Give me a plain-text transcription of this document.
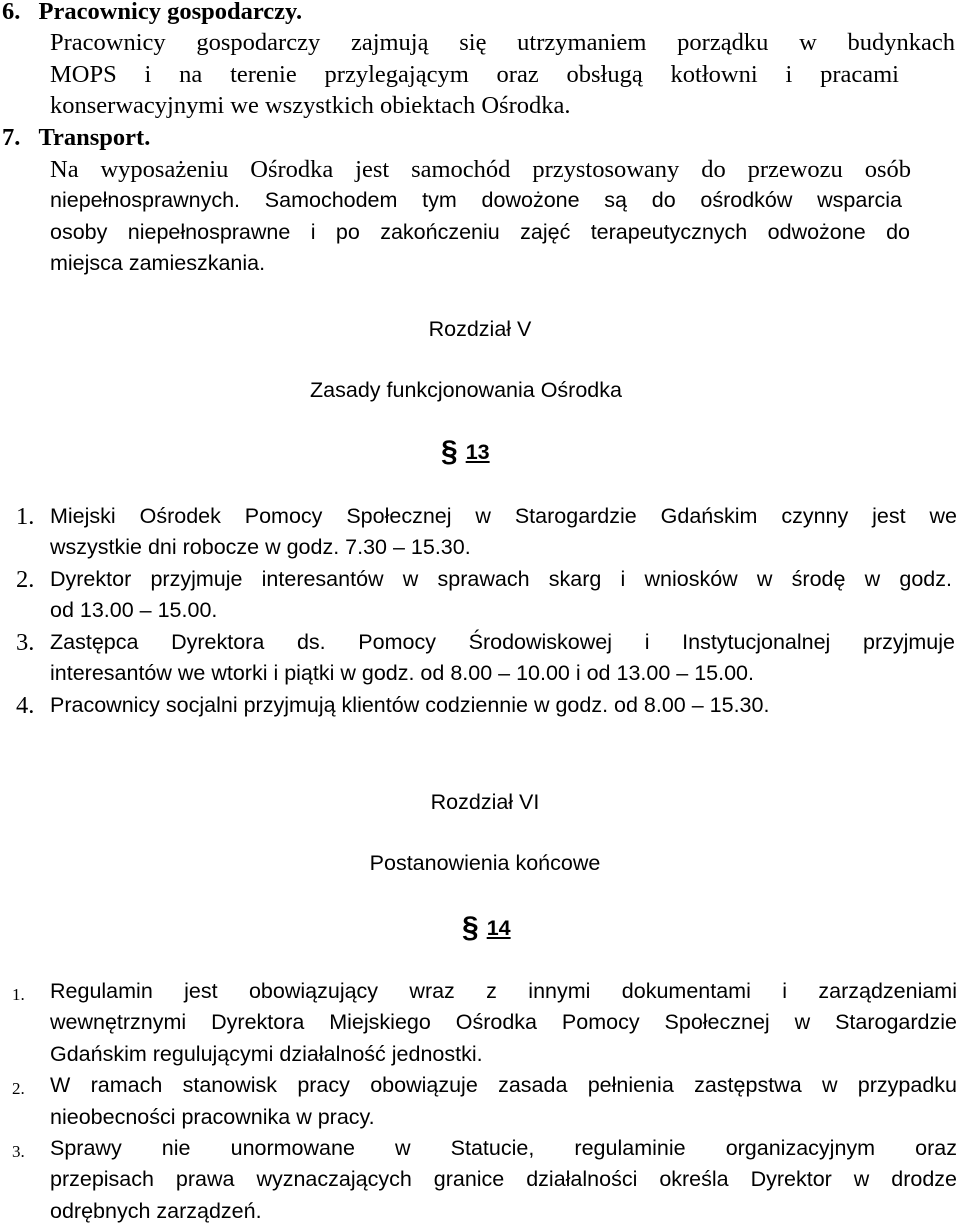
6. Pracownicy gospodarczy.
Pracownicy gospodarczy zajmują się utrzymaniem porządku w budynkach
MOPS i na terenie przylegającym oraz obsługą kotłowni i pracami
konserwacyjnymi we wszystkich obiektach Ośrodka.
7. Transport.
Na wyposażeniu Ośrodka jest samochód przystosowany do przewozu osób
niepełnosprawnych. Samochodem tym dowożone są do ośrodków wsparcia
osoby niepełnosprawne i po zakończeniu zajęć terapeutycznych odwożone do
miejsca zamieszkania.
Rozdział V
Zasady funkcjonowania Ośrodka
§ 13
1. Miejski Ośrodek Pomocy Społecznej w Starogardzie Gdańskim czynny jest we
wszystkie dni robocze w godz. 7.30 – 15.30.
2. Dyrektor przyjmuje interesantów w sprawach skarg i wniosków w środę w godz.
od 13.00 – 15.00.
3. Zastępca Dyrektora ds. Pomocy Środowiskowej i Instytucjonalnej przyjmuje
interesantów we wtorki i piątki w godz. od 8.00 – 10.00 i od 13.00 – 15.00.
4. Pracownicy socjalni przyjmują klientów codziennie w godz. od 8.00 – 15.30.
Rozdział VI
Postanowienia końcowe
§ 14
1. Regulamin jest obowiązujący wraz z innymi dokumentami i zarządzeniami
wewnętrznymi Dyrektora Miejskiego Ośrodka Pomocy Społecznej w Starogardzie
Gdańskim regulującymi działalność jednostki.
2. W ramach stanowisk pracy obowiązuje zasada pełnienia zastępstwa w przypadku
nieobecności pracownika w pracy.
3. Sprawy nie unormowane w Statucie, regulaminie organizacyjnym oraz
przepisach prawa wyznaczających granice działalności określa Dyrektor w drodze
odrębnych zarządzeń.
